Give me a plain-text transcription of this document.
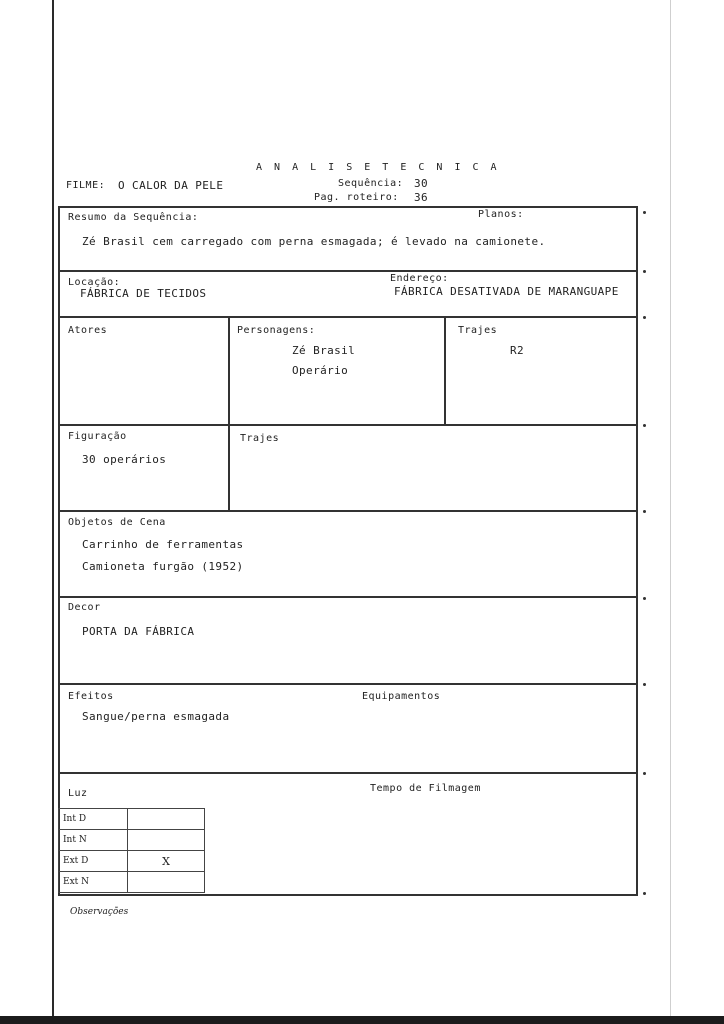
A N A L I S E T E C N I C A
FILME: O CALOR DA PELE	Sequência: 30
Pag. roteiro: 36
Resumo da Sequência:	Planos:
Zé Brasil cem carregado com perna esmagada; é levado na camionete.
Locação:
FÁBRICA DE TECIDOS
Endereço:
FÁBRICA DESATIVADA DE MARANGUAPE
Atores	Personagens:
Zé Brasil
Operário
Trajes
R2
Figuração
30 operários
Trajes
Objetos de Cena
Carrinho de ferramentas
Camioneta furgão (1952)
Decor
PORTA DA FÁBRICA
Efeitos
Sangue/perna esmagada
Equipamentos
Luz	Tempo de Filmagem
Int D	
Int N	
Ext D	X
Ext N	
Observações
